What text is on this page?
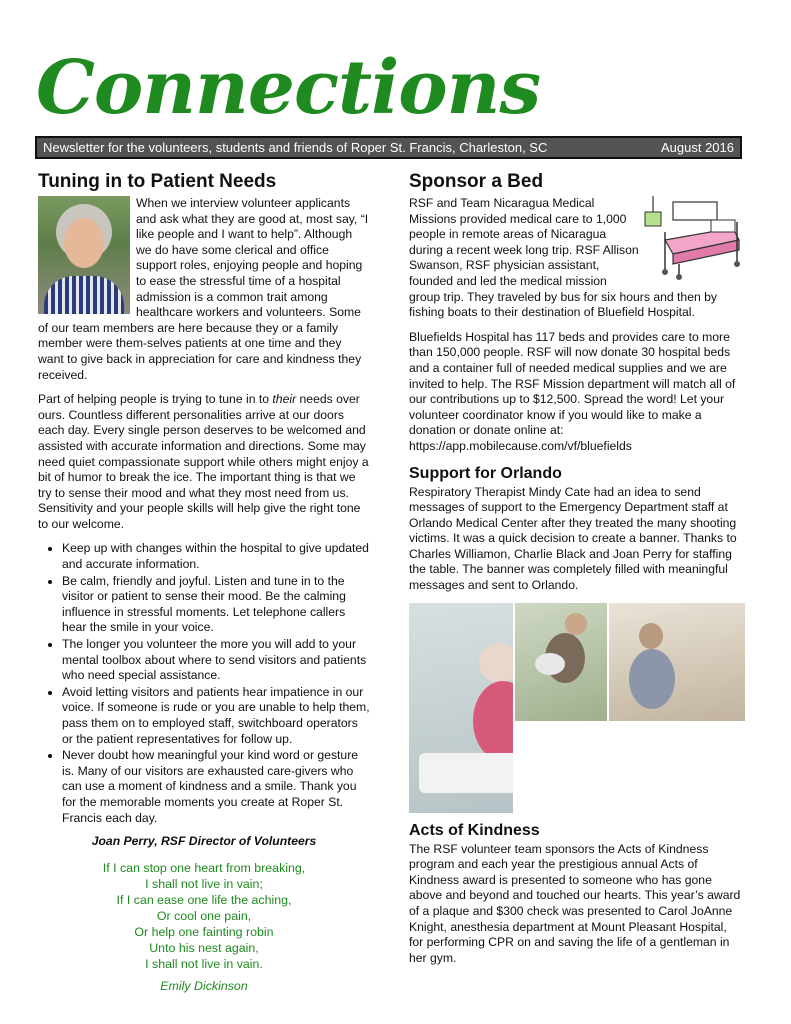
Connections
Newsletter for the volunteers, students and friends of Roper St. Francis, Charleston, SC	August 2016
Tuning in to Patient Needs

When we interview volunteer applicants and ask what they are good at, most say, “I like people and I want to help”. Although we do have some clerical and office support roles, enjoying people and hoping to ease the stressful time of a hospital admission is a common trait among healthcare workers and volunteers. Some of our team members are here because they or a family member were them-selves patients at one time and they want to give back in appreciation for care and kindness they received.

Part of helping people is trying to tune in to their needs over ours. Countless different personalities arrive at our doors each day. Every single person deserves to be welcomed and assisted with accurate information and directions. Some may need quiet compassionate support while others might enjoy a bit of humor to break the ice. The important thing is that we try to sense their mood and what they most need from us. Sensitivity and your people skills will help give the right tone to our welcome.

• Keep up with changes within the hospital to give updated and accurate information.
• Be calm, friendly and joyful. Listen and tune in to the visitor or patient to sense their mood. Be the calming influence in stressful moments. Let telephone callers hear the smile in your voice.
• The longer you volunteer the more you will add to your mental toolbox about where to send visitors and patients who need special assistance.
• Avoid letting visitors and patients hear impatience in our voice. If someone is rude or you are unable to help them, pass them on to employed staff, switchboard operators or the patient representatives for follow up.
• Never doubt how meaningful your kind word or gesture is. Many of our visitors are exhausted care-givers who can use a moment of kindness and a smile. Thank you for the memorable moments you create at Roper St. Francis each day.
Joan Perry, RSF Director of Volunteers
If I can stop one heart from breaking,
I shall not live in vain;
If I can ease one life the aching,
Or cool one pain,
Or help one fainting robin
Unto his nest again,
I shall not live in vain.
Emily Dickinson
Sponsor a Bed

RSF and Team Nicaragua Medical Missions provided medical care to 1,000 people in remote areas of Nicaragua during a recent week long trip. RSF Allison Swanson, RSF physician assistant, founded and led the medical mission group trip. They traveled by bus for six hours and then by fishing boats to their destination of Bluefield Hospital.

Bluefields Hospital has 117 beds and provides care to more than 150,000 people. RSF will now donate 30 hospital beds and a container full of needed medical supplies and we are invited to help. The RSF Mission department will match all of our contributions up to $12,500. Spread the word! Let your volunteer coordinator know if you would like to make a donation or donate online at: https://app.mobilecause.com/vf/bluefields

Support for Orlando

Respiratory Therapist Mindy Cate had an idea to send messages of support to the Emergency Department staff at Orlando Medical Center after they treated the many shooting victims. It was a quick decision to create a banner. Thanks to Charles Williamon, Charlie Black and Joan Perry for staffing the table. The banner was completely filled with meaningful messages and sent to Orlando.

Acts of Kindness

The RSF volunteer team sponsors the Acts of Kindness program and each year the prestigious annual Acts of Kindness award is presented to someone who has gone above and beyond and touched our hearts. This year’s award of a plaque and $300 check was presented to Carol JoAnne Knight, anesthesia department at Mount Pleasant Hospital, for performing CPR on and saving the life of a gentleman in her gym.
